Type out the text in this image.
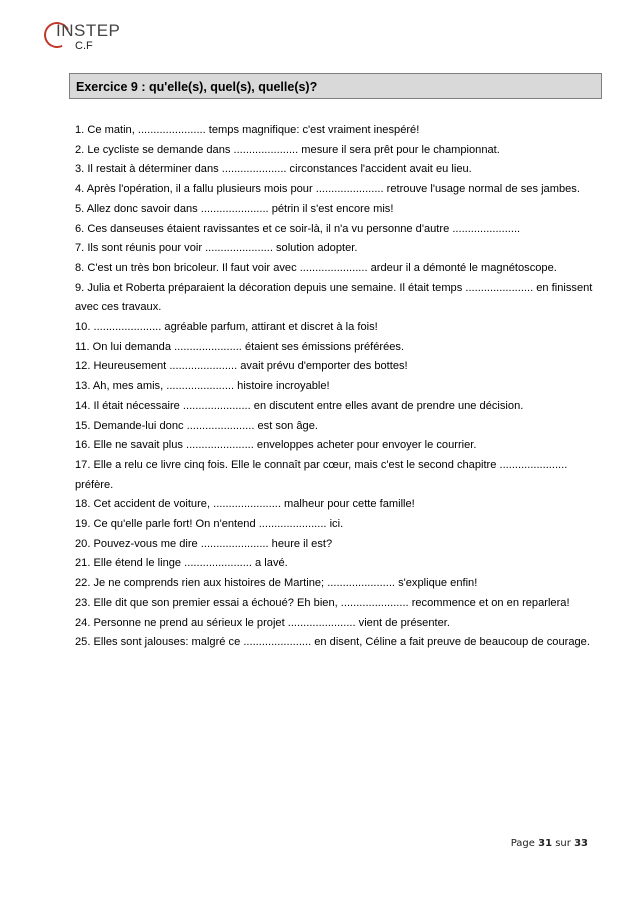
INSTEP
C.F
Exercice 9 : qu'elle(s), quel(s), quelle(s)?

1. Ce matin, ...................... temps magnifique: c'est vraiment inespéré!

2. Le cycliste se demande dans ..................... mesure il sera prêt pour le championnat.

3. Il restait à déterminer dans ..................... circonstances l'accident avait eu lieu.

4. Après l'opération, il a fallu plusieurs mois pour ...................... retrouve l'usage normal de ses jambes.

5. Allez donc savoir dans ...................... pétrin il s'est encore mis!

6. Ces danseuses étaient ravissantes et ce soir-là, il n'a vu personne d'autre ......................

7. Ils sont réunis pour voir ...................... solution adopter.

8. C'est un très bon bricoleur. Il faut voir avec ...................... ardeur il a démonté le magnétoscope.

9. Julia et Roberta préparaient la décoration depuis une semaine. Il était temps ...................... en finissent avec ces travaux.

10. ...................... agréable parfum, attirant et discret à la fois!

11. On lui demanda ...................... étaient ses émissions préférées.

12. Heureusement ...................... avait prévu d'emporter des bottes!

13. Ah, mes amis, ...................... histoire incroyable!

14. Il était nécessaire ...................... en discutent entre elles avant de prendre une décision.

15. Demande-lui donc ...................... est son âge.

16. Elle ne savait plus ...................... enveloppes acheter pour envoyer le courrier.

17. Elle a relu ce livre cinq fois. Elle le connaît par cœur, mais c'est le second chapitre ...................... préfère.

18. Cet accident de voiture, ...................... malheur pour cette famille!

19. Ce qu'elle parle fort! On n'entend ...................... ici.

20. Pouvez-vous me dire ...................... heure il est?

21. Elle étend le linge ...................... a lavé.

22. Je ne comprends rien aux histoires de Martine; ...................... s'explique enfin!

23. Elle dit que son premier essai a échoué? Eh bien, ...................... recommence et on en reparlera!

24. Personne ne prend au sérieux le projet ...................... vient de présenter.

25. Elles sont jalouses: malgré ce ...................... en disent, Céline a fait preuve de beaucoup de courage.

Page 31 sur 33
